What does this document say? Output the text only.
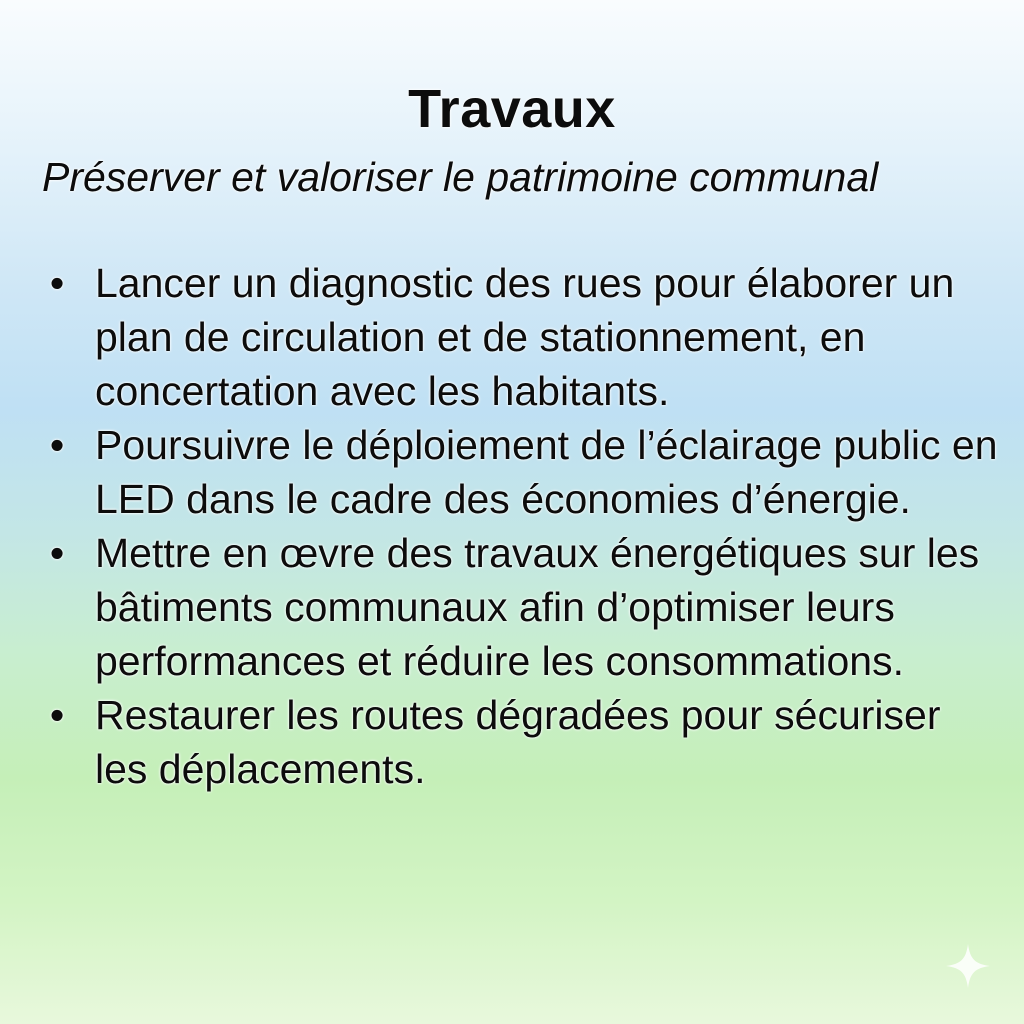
Travaux

Préserver et valoriser le patrimoine communal

• Lancer un diagnostic des rues pour élaborer un plan de circulation et de stationnement, en concertation avec les habitants.
• Poursuivre le déploiement de l’éclairage public en LED dans le cadre des économies d’énergie.
• Mettre en œvre des travaux énergétiques sur les bâtiments communaux afin d’optimiser leurs performances et réduire les consommations.
• Restaurer les routes dégradées pour sécuriser les déplacements.
